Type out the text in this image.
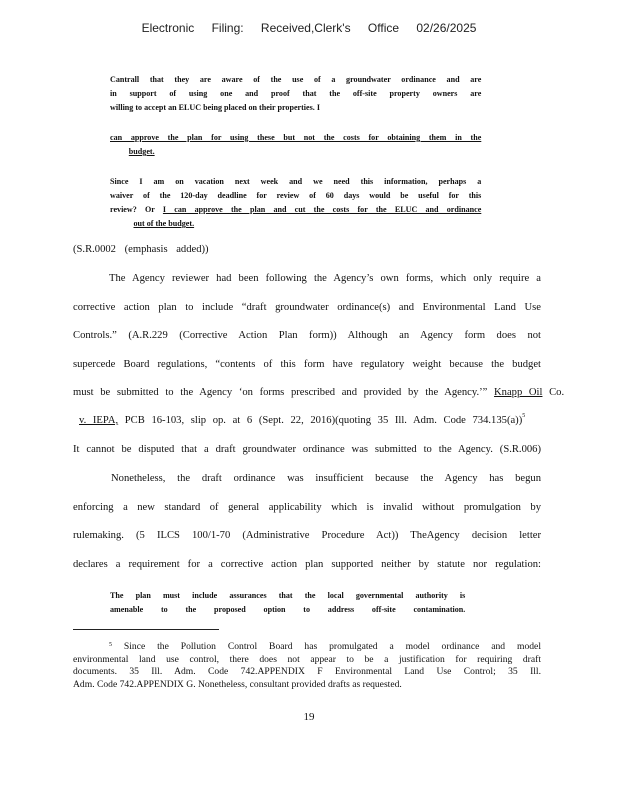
Electronic Filing: Received,Clerk's Office 02/26/2025
Cantrall that they are aware of the use of a groundwater ordinance and are
in support of using one and proof that the off-site property owners are
willing to accept an ELUC being placed on their properties. I
can approve the plan for using these but not the costs for obtaining them in the
budget.
Since I am on vacation next week and we need this information, perhaps a
waiver of the 120-day deadline for review of 60 days would be useful for this
review? Or I can approve the plan and cut the costs for the ELUC and ordinance
out of the budget.
(S.R.0002 (emphasis added))
The Agency reviewer had been following the Agency’s own forms, which only require a
corrective action plan to include “draft groundwater ordinance(s) and Environmental Land Use
Controls.” (A.R.229 (Corrective Action Plan form)) Although an Agency form does not
supercede Board regulations, “contents of this form have regulatory weight because the budget
must be submitted to the Agency ‘on forms prescribed and provided by the Agency.’” Knapp Oil Co.
v. IEPA, PCB 16-103, slip op. at 6 (Sept. 22, 2016)(quoting 35 Ill. Adm. Code 734.135(a))$^5$
It cannot be disputed that a draft groundwater ordinance was submitted to the Agency. (S.R.006)
Nonetheless, the draft ordinance was insufficient because the Agency has begun
enforcing a new standard of general applicability which is invalid without promulgation by
rulemaking. (5 ILCS 100/1-70 (Administrative Procedure Act)) TheAgency decision letter
declares a requirement for a corrective action plan supported neither by statute nor regulation:
The plan must include assurances that the local governmental authority is
amenable to the proposed option to address off-site contamination.
$^5$ Since the Pollution Control Board has promulgated a model ordinance and model
environmental land use control, there does not appear to be a justification for requiring draft
documents. 35 Ill. Adm. Code 742.APPENDIX F Environmental Land Use Control; 35 Ill.
Adm. Code 742.APPENDIX G. Nonetheless, consultant provided drafts as requested.
19
